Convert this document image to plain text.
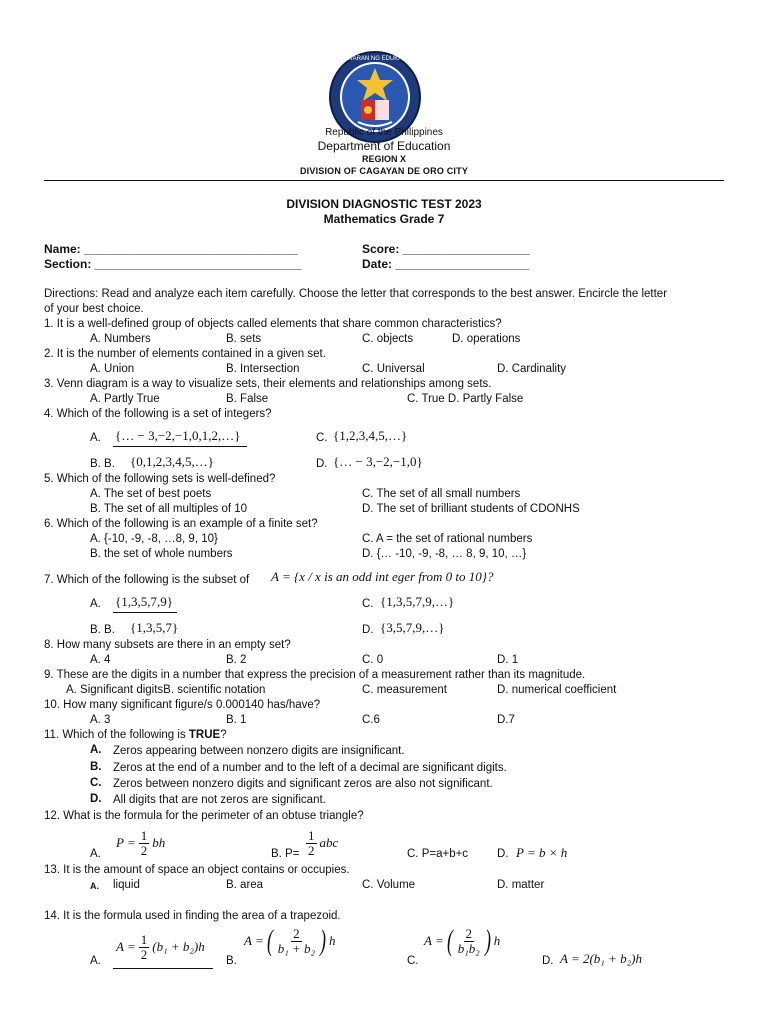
KAGAWARAN NG EDUKASYON
Republic of the Philippines
Department of Education
REGION X
DIVISION OF CAGAYAN DE ORO CITY
DIVISION DIAGNOSTIC TEST 2023
Mathematics Grade 7
Name: ________________________________
Section: _______________________________
Score: ___________________
Date: ____________________
Directions: Read and analyze each item carefully. Choose the letter that corresponds to the best answer. Encircle the letter
of your best choice.
1. It is a well-defined group of objects called elements that share common characteristics?
A. Numbers	B. sets	C. objects	D. operations
2. It is the number of elements contained in a given set.
A. Union	B. Intersection	C. Universal	D. Cardinality
3. Venn diagram is a way to visualize sets, their elements and relationships among sets.
A. Partly True	B. False	C. True D. Partly False
4. Which of the following is a set of integers?
A. {… − 3,−2,−1,0,1,2,…}	C. {1,2,3,4,5,…}
B. B. {0,1,2,3,4,5,…}	D. {… − 3,−2,−1,0}
5. Which of the following sets is well-defined?
A. The set of best poets	C. The set of all small numbers
B. The set of all multiples of 10	D. The set of brilliant students of CDONHS
6. Which of the following is an example of a finite set?
A. {-10, -9, -8, …8, 9, 10}	C. A = the set of rational numbers
B. the set of whole numbers	D. {… -10, -9, -8, … 8, 9, 10, …}
7. Which of the following is the subset of A = {x / x is an odd int eger from 0 to 10}?
A. {1,3,5,7,9}	C. {1,3,5,7,9,…}
B. B. {1,3,5,7}	D. {3,5,7,9,…}
8. How many subsets are there in an empty set?
A. 4	B. 2	C. 0	D. 1
9. These are the digits in a number that express the precision of a measurement rather than its magnitude.
A. Significant digitsB. scientific notation	C. measurement	D. numerical coefficient
10. How many significant figure/s 0.000140 has/have?
A. 3	B. 1	C.6	D.7
11. Which of the following is TRUE?
A. Zeros appearing between nonzero digits are insignificant.
B. Zeros at the end of a number and to the left of a decimal are significant digits.
C. Zeros between nonzero digits and significant zeros are also not significant.
D. All digits that are not zeros are significant.
12. What is the formula for the perimeter of an obtuse triangle?
A.
$P = \frac{1}{2}$ bh
B. $P= \frac{1}{2}$ abc
C. P=a+b+c	D. P = b × h
13. It is the amount of space an object contains or occupies.
A. liquid	B. area	C. Volume	D. matter
14. It is the formula used in finding the area of a trapezoid.
A.
$A = \frac{1}{2} (b_1 + b_2)h$
B.
A = ( $\frac{2}{\text{b₁ + b₂}}$ ) h
C.
A = ( $\frac{2}{\text{b₁b₂}}$ ) h
D. A = 2(b₁ + b₂)h
